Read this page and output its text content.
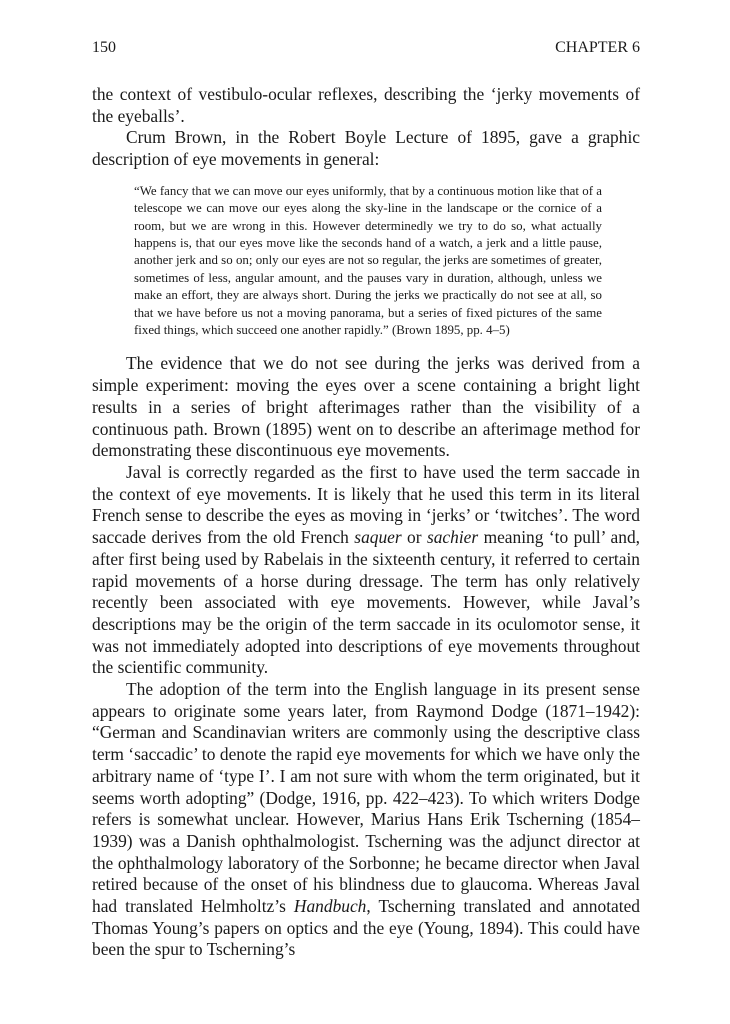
150	CHAPTER 6

the context of vestibulo-ocular reflexes, describing the ‘jerky movements of the eyeballs’.

Crum Brown, in the Robert Boyle Lecture of 1895, gave a graphic description of eye movements in general:

“We fancy that we can move our eyes uniformly, that by a continuous motion like that of a telescope we can move our eyes along the sky-line in the landscape or the cornice of a room, but we are wrong in this. However determinedly we try to do so, what actually happens is, that our eyes move like the seconds hand of a watch, a jerk and a little pause, another jerk and so on; only our eyes are not so regular, the jerks are sometimes of greater, sometimes of less, angular amount, and the pauses vary in duration, although, unless we make an effort, they are always short. During the jerks we practically do not see at all, so that we have before us not a moving panorama, but a series of fixed pictures of the same fixed things, which succeed one another rapidly.” (Brown 1895, pp. 4–5)

The evidence that we do not see during the jerks was derived from a simple experiment: moving the eyes over a scene containing a bright light results in a series of bright afterimages rather than the visibility of a continuous path. Brown (1895) went on to describe an afterimage method for demonstrating these discontinuous eye movements.

Javal is correctly regarded as the first to have used the term saccade in the context of eye movements. It is likely that he used this term in its literal French sense to describe the eyes as moving in ‘jerks’ or ‘twitches’. The word saccade derives from the old French saquer or sachier meaning ‘to pull’ and, after first being used by Rabelais in the sixteenth century, it referred to certain rapid movements of a horse during dressage. The term has only relatively recently been associated with eye movements. However, while Javal’s descriptions may be the origin of the term saccade in its oculomotor sense, it was not immediately adopted into descriptions of eye movements throughout the scientific community.

The adoption of the term into the English language in its present sense appears to originate some years later, from Raymond Dodge (1871–1942): “German and Scandinavian writers are commonly using the descriptive class term ‘saccadic’ to denote the rapid eye movements for which we have only the arbitrary name of ‘type I’. I am not sure with whom the term originated, but it seems worth adopting” (Dodge, 1916, pp. 422–423). To which writers Dodge refers is somewhat unclear. However, Marius Hans Erik Tscherning (1854–1939) was a Danish ophthalmologist. Tscherning was the adjunct director at the ophthalmology laboratory of the Sorbonne; he became director when Javal retired because of the onset of his blindness due to glaucoma. Whereas Javal had translated Helmholtz’s Handbuch, Tscherning translated and annotated Thomas Young’s papers on optics and the eye (Young, 1894). This could have been the spur to Tscherning’s
